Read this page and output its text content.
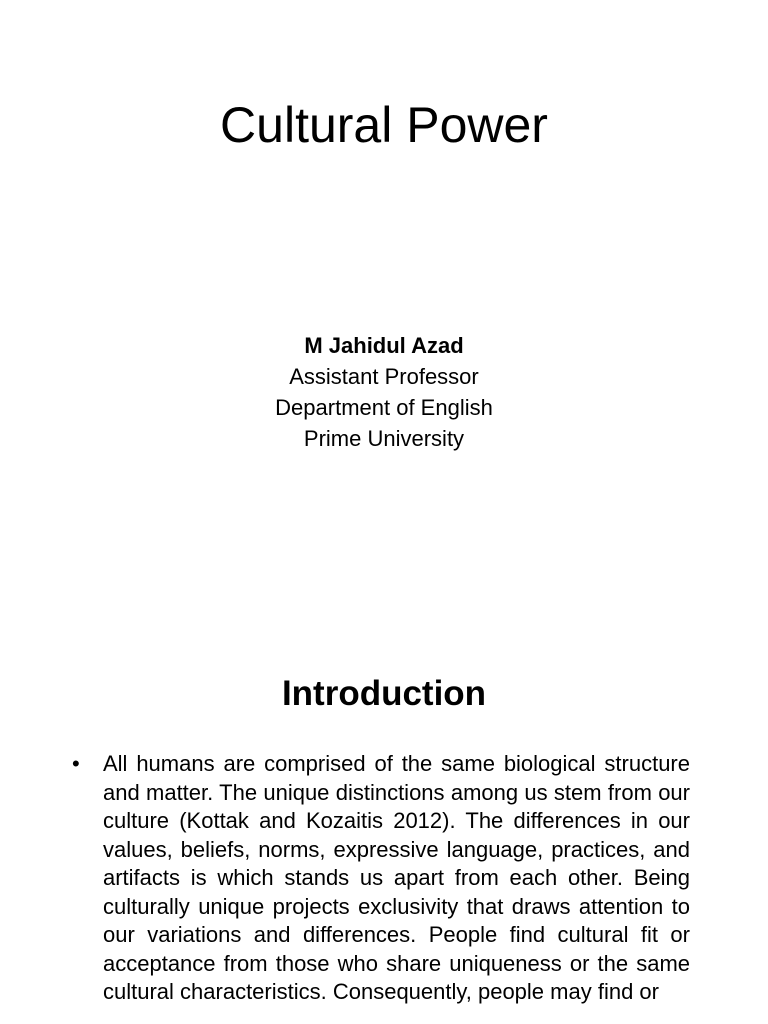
Cultural Power
M Jahidul Azad
Assistant Professor
Department of English
Prime University
Introduction
•	All humans are comprised of the same biological structure and matter. The unique distinctions among us stem from our culture (Kottak and Kozaitis 2012). The differences in our values, beliefs, norms, expressive language, practices, and artifacts is which stands us apart from each other. Being culturally unique projects exclusivity that draws attention to our variations and differences. People find cultural fit or acceptance from those who share uniqueness or the same cultural characteristics. Consequently, people may find or
